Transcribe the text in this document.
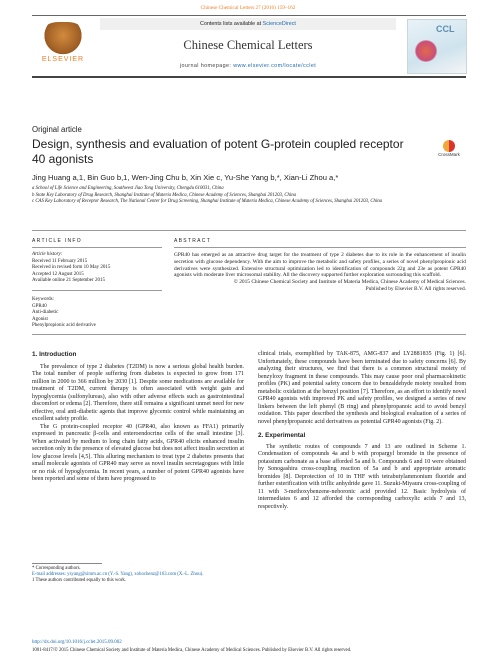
Chinese Chemical Letters 27 (2016) 159–162
ELSEVIER
Contents lists available at ScienceDirect
Chinese Chemical Letters
journal homepage: www.elsevier.com/locate/cclet
CCL
Original article
Design, synthesis and evaluation of potent G-protein coupled receptor 40 agonists	CrossMark
Jing Huang a,1, Bin Guo b,1, Wen-Jing Chu b, Xin Xie c, Yu-She Yang b,*, Xian-Li Zhou a,*
a School of Life Science and Engineering, Southwest Jiao Tong University, Chengdu 610031, China
b State Key Laboratory of Drug Research, Shanghai Institute of Materia Medica, Chinese Academy of Sciences, Shanghai 201203, China
c CAS Key Laboratory of Receptor Research, The National Center for Drug Screening, Shanghai Institute of Materia Medica, Chinese Academy of Sciences, Shanghai 201203, China
ARTICLE INFO	ABSTRACT
Article history:
Received 11 February 2015
Received in revised form 10 May 2015
Accepted 12 August 2015
Available online 21 September 2015
Keywords:
GPR40
Anti-diabetic
Agonist
Phenylpropionic acid derivative

GPR40 has emerged as an attractive drug target for the treatment of type 2 diabetes due to its role in the enhancement of insulin secretion with glucose dependency. With the aim to improve the metabolic and safety profiles, a series of novel phenylpropionic acid derivatives were synthesized. Extensive structural optimization led to identification of compounds 22g and 23e as potent GPR40 agonists with moderate liver microsomal stability. All the discovery supported further exploration surrounding this scaffold.

© 2015 Chinese Chemical Society and Institute of Materia Medica, Chinese Academy of Medical Sciences.

Published by Elsevier B.V. All rights reserved.

1. Introduction

The prevalence of type 2 diabetes (T2DM) is now a serious global health burden. The total number of people suffering from diabetes is expected to grow from 171 million in 2000 to 366 million by 2030 [1]. Despite some medications are available for treatment of T2DM, current therapy is often associated with weight gain and hypoglycemia (sulfonylureas), also with other adverse effects such as gastrointestinal discomfort or edema [2]. Therefore, there still remains a significant unmet need for new effective, oral anti-diabetic agents that improve glycemic control while maintaining an excellent safety profile.

The G protein-coupled receptor 40 (GPR40, also known as FFA1) primarily expressed in pancreatic β-cells and enteroendocrine cells of the small intestine [3]. When activated by medium to long chain fatty acids, GPR40 elicits enhanced insulin secretion only in the presence of elevated glucose but does not affect insulin secretion at low glucose levels [4,5]. This alluring mechanism to treat type 2 diabetes presents that small molecule agonists of GPR40 may serve as novel insulin secretagogues with little or no risk of hypoglycemia. In recent years, a number of potent GPR40 agonists have been reported and some of them have progressed to

clinical trials, exemplified by TAK-875, AMG-837 and LY2881835 (Fig. 1) [6]. Unfortunately, these compounds have been terminated due to safety concerns [6]. By analyzing their structures, we find that there is a common structural moiety of benzyloxy fragment in these compounds. This may cause poor oral pharmacokinetic profiles (PK) and potential safety concern due to benzaldehyde moiety resulted from metabolic oxidation at the benzyl position [7]. Therefore, as an effort to identify novel GPR40 agonists with improved PK and safety profiles, we designed a series of new linkers between the left phenyl (B ring) and phenylpropanoic acid to avoid benzyl oxidation. This paper described the synthesis and biological evaluation of a series of novel phenylpropanoic acid derivatives as potential GPR40 agonists (Fig. 2).

2. Experimental

The synthetic routes of compounds 7 and 13 are outlined in Scheme 1. Condensation of compounds 4a and b with propargyl bromide in the presence of potassium carbonate as a base afforded 5a and b. Compounds 6 and 10 were obtained by Sonogashira cross-coupling reaction of 5a and b and appropriate aromatic bromides [8]. Deprotection of 10 in THF with tetrabutylammonium fluoride and further esterification with triflic anhydride gave 11. Suzuki-Miyaura cross-coupling of 11 with 3-methoxybenzene-neboronic acid provided 12. Basic hydrolysis of intermediates 6 and 12 afforded the corresponding carboxylic acids 7 and 13, respectively.

* Corresponding authors.
E-mail addresses: ysyang@simm.ac.cn (Y.-S. Yang), xohochenz@163.com (X.-L. Zhou).
1 These authors contributed equally to this work.
http://dx.doi.org/10.1016/j.cclet.2015.09.002
1001-8417/© 2015 Chinese Chemical Society and Institute of Materia Medica, Chinese Academy of Medical Sciences. Published by Elsevier B.V. All rights reserved.
